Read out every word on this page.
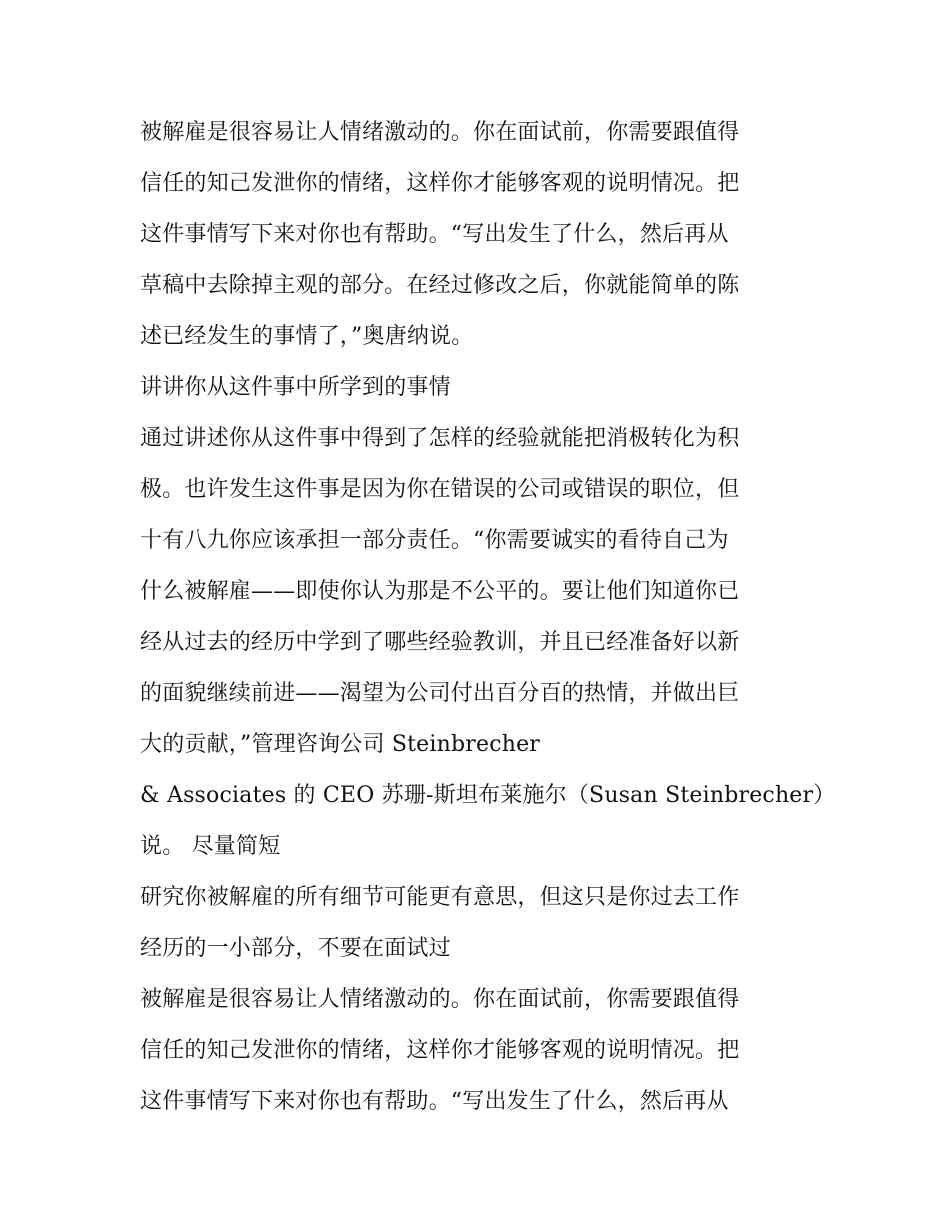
被解雇是很容易让人情绪激动的。你在面试前，你需要跟值得
信任的知己发泄你的情绪，这样你才能够客观的说明情况。把
这件事情写下来对你也有帮助。“写出发生了什么，然后再从
草稿中去除掉主观的部分。在经过修改之后，你就能简单的陈
述已经发生的事情了，”奥唐纳说。
讲讲你从这件事中所学到的事情
通过讲述你从这件事中得到了怎样的经验就能把消极转化为积
极。也许发生这件事是因为你在错误的公司或错误的职位，但
十有八九你应该承担一部分责任。“你需要诚实的看待自己为
什么被解雇——即使你认为那是不公平的。要让他们知道你已
经从过去的经历中学到了哪些经验教训，并且已经准备好以新
的面貌继续前进——渴望为公司付出百分百的热情，并做出巨
大的贡献，”管理咨询公司 Steinbrecher
& Associates 的 CEO 苏珊-斯坦布莱施尔（Susan Steinbrecher）
说。 尽量简短
研究你被解雇的所有细节可能更有意思，但这只是你过去工作
经历的一小部分，不要在面试过
被解雇是很容易让人情绪激动的。你在面试前，你需要跟值得
信任的知己发泄你的情绪，这样你才能够客观的说明情况。把
这件事情写下来对你也有帮助。“写出发生了什么，然后再从
